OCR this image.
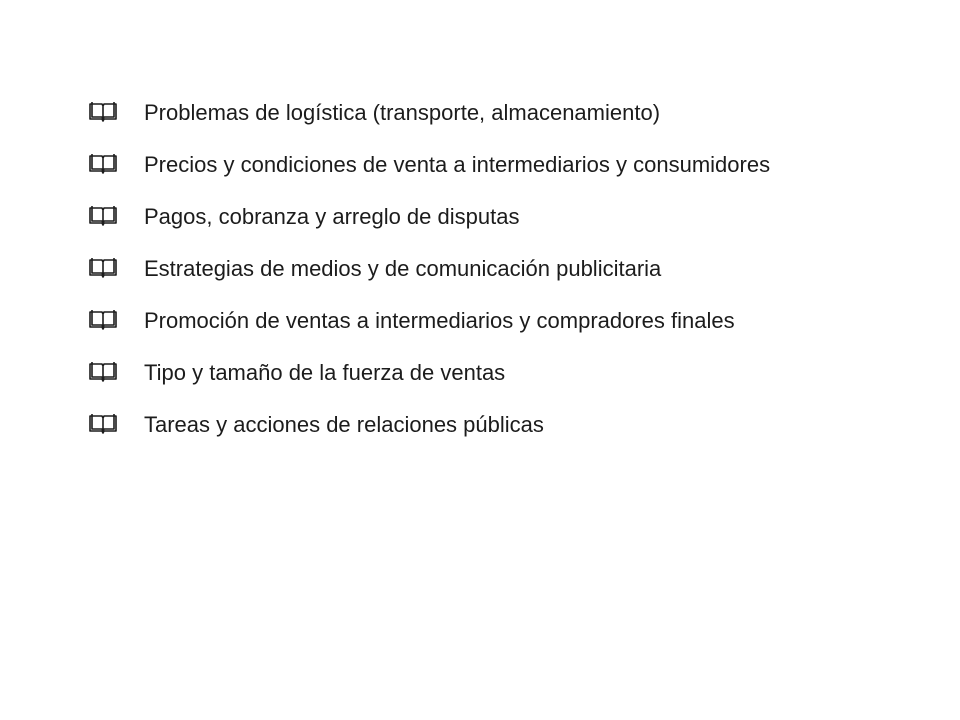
Problemas de logística (transporte, almacenamiento)
Precios y condiciones de venta a intermediarios y consumidores
Pagos, cobranza y arreglo de disputas
Estrategias de medios y de comunicación publicitaria
Promoción de ventas a intermediarios y compradores finales
Tipo y tamaño de la fuerza de ventas
Tareas y acciones de relaciones públicas
